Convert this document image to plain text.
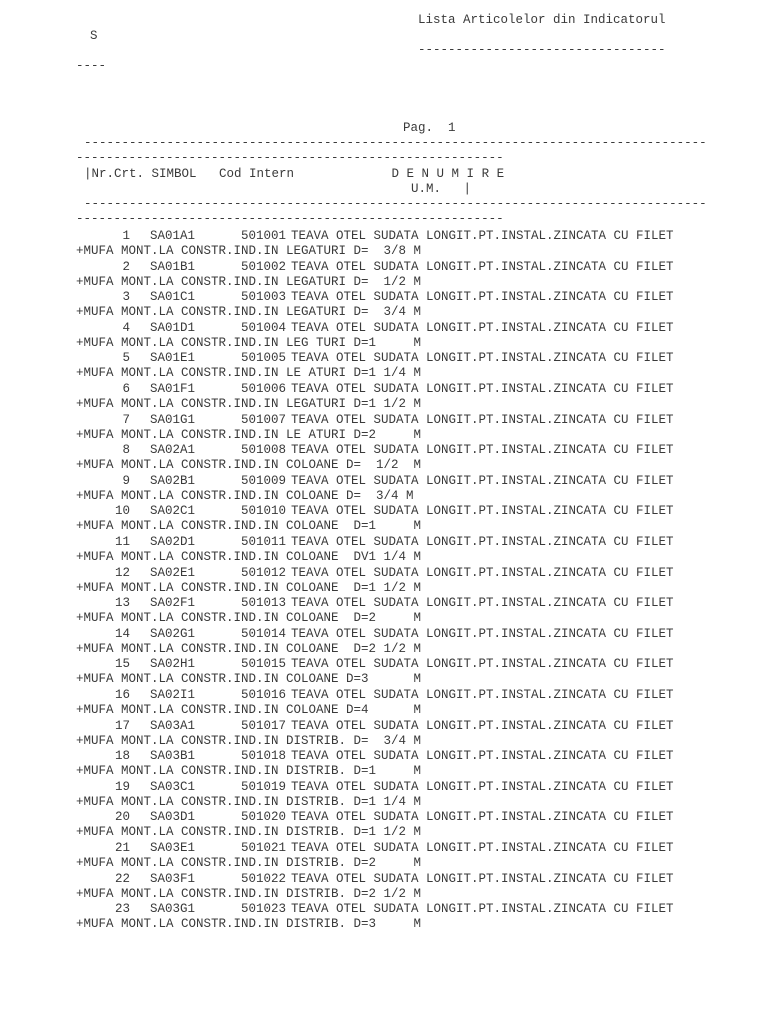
Lista Articolelor din Indicatorul
S
---------------------------------
----
Pag.  1
-----------------------------------------------------------------------------------
---------------------------------------------------------
|Nr.Crt. SIMBOL   Cod Intern             D E N U M I R E
U.M.   |
-----------------------------------------------------------------------------------
---------------------------------------------------------
1 SA01A1	501001 TEAVA OTEL SUDATA LONGIT.PT.INSTAL.ZINCATA CU FILET
+MUFA MONT.LA CONSTR.IND.IN LEGATURI D=  3/8 M
2 SA01B1	501002 TEAVA OTEL SUDATA LONGIT.PT.INSTAL.ZINCATA CU FILET
+MUFA MONT.LA CONSTR.IND.IN LEGATURI D=  1/2 M
3 SA01C1	501003 TEAVA OTEL SUDATA LONGIT.PT.INSTAL.ZINCATA CU FILET
+MUFA MONT.LA CONSTR.IND.IN LEGATURI D=  3/4 M
4 SA01D1	501004 TEAVA OTEL SUDATA LONGIT.PT.INSTAL.ZINCATA CU FILET
+MUFA MONT.LA CONSTR.IND.IN LEG TURI D=1     M
5 SA01E1	501005 TEAVA OTEL SUDATA LONGIT.PT.INSTAL.ZINCATA CU FILET
+MUFA MONT.LA CONSTR.IND.IN LE ATURI D=1 1/4 M
6 SA01F1	501006 TEAVA OTEL SUDATA LONGIT.PT.INSTAL.ZINCATA CU FILET
+MUFA MONT.LA CONSTR.IND.IN LEGATURI D=1 1/2 M
7 SA01G1	501007 TEAVA OTEL SUDATA LONGIT.PT.INSTAL.ZINCATA CU FILET
+MUFA MONT.LA CONSTR.IND.IN LE ATURI D=2     M
8 SA02A1	501008 TEAVA OTEL SUDATA LONGIT.PT.INSTAL.ZINCATA CU FILET
+MUFA MONT.LA CONSTR.IND.IN COLOANE D=  1/2  M
9 SA02B1	501009 TEAVA OTEL SUDATA LONGIT.PT.INSTAL.ZINCATA CU FILET
+MUFA MONT.LA CONSTR.IND.IN COLOANE D=  3/4 M
10 SA02C1	501010 TEAVA OTEL SUDATA LONGIT.PT.INSTAL.ZINCATA CU FILET
+MUFA MONT.LA CONSTR.IND.IN COLOANE  D=1     M
11 SA02D1	501011 TEAVA OTEL SUDATA LONGIT.PT.INSTAL.ZINCATA CU FILET
+MUFA MONT.LA CONSTR.IND.IN COLOANE  DV1 1/4 M
12 SA02E1	501012 TEAVA OTEL SUDATA LONGIT.PT.INSTAL.ZINCATA CU FILET
+MUFA MONT.LA CONSTR.IND.IN COLOANE  D=1 1/2 M
13 SA02F1	501013 TEAVA OTEL SUDATA LONGIT.PT.INSTAL.ZINCATA CU FILET
+MUFA MONT.LA CONSTR.IND.IN COLOANE  D=2     M
14 SA02G1	501014 TEAVA OTEL SUDATA LONGIT.PT.INSTAL.ZINCATA CU FILET
+MUFA MONT.LA CONSTR.IND.IN COLOANE  D=2 1/2 M
15 SA02H1	501015 TEAVA OTEL SUDATA LONGIT.PT.INSTAL.ZINCATA CU FILET
+MUFA MONT.LA CONSTR.IND.IN COLOANE D=3      M
16 SA02I1	501016 TEAVA OTEL SUDATA LONGIT.PT.INSTAL.ZINCATA CU FILET
+MUFA MONT.LA CONSTR.IND.IN COLOANE D=4      M
17 SA03A1	501017 TEAVA OTEL SUDATA LONGIT.PT.INSTAL.ZINCATA CU FILET
+MUFA MONT.LA CONSTR.IND.IN DISTRIB. D=  3/4 M
18 SA03B1	501018 TEAVA OTEL SUDATA LONGIT.PT.INSTAL.ZINCATA CU FILET
+MUFA MONT.LA CONSTR.IND.IN DISTRIB. D=1     M
19 SA03C1	501019 TEAVA OTEL SUDATA LONGIT.PT.INSTAL.ZINCATA CU FILET
+MUFA MONT.LA CONSTR.IND.IN DISTRIB. D=1 1/4 M
20 SA03D1	501020 TEAVA OTEL SUDATA LONGIT.PT.INSTAL.ZINCATA CU FILET
+MUFA MONT.LA CONSTR.IND.IN DISTRIB. D=1 1/2 M
21 SA03E1	501021 TEAVA OTEL SUDATA LONGIT.PT.INSTAL.ZINCATA CU FILET
+MUFA MONT.LA CONSTR.IND.IN DISTRIB. D=2     M
22 SA03F1	501022 TEAVA OTEL SUDATA LONGIT.PT.INSTAL.ZINCATA CU FILET
+MUFA MONT.LA CONSTR.IND.IN DISTRIB. D=2 1/2 M
23 SA03G1	501023 TEAVA OTEL SUDATA LONGIT.PT.INSTAL.ZINCATA CU FILET
+MUFA MONT.LA CONSTR.IND.IN DISTRIB. D=3     M
